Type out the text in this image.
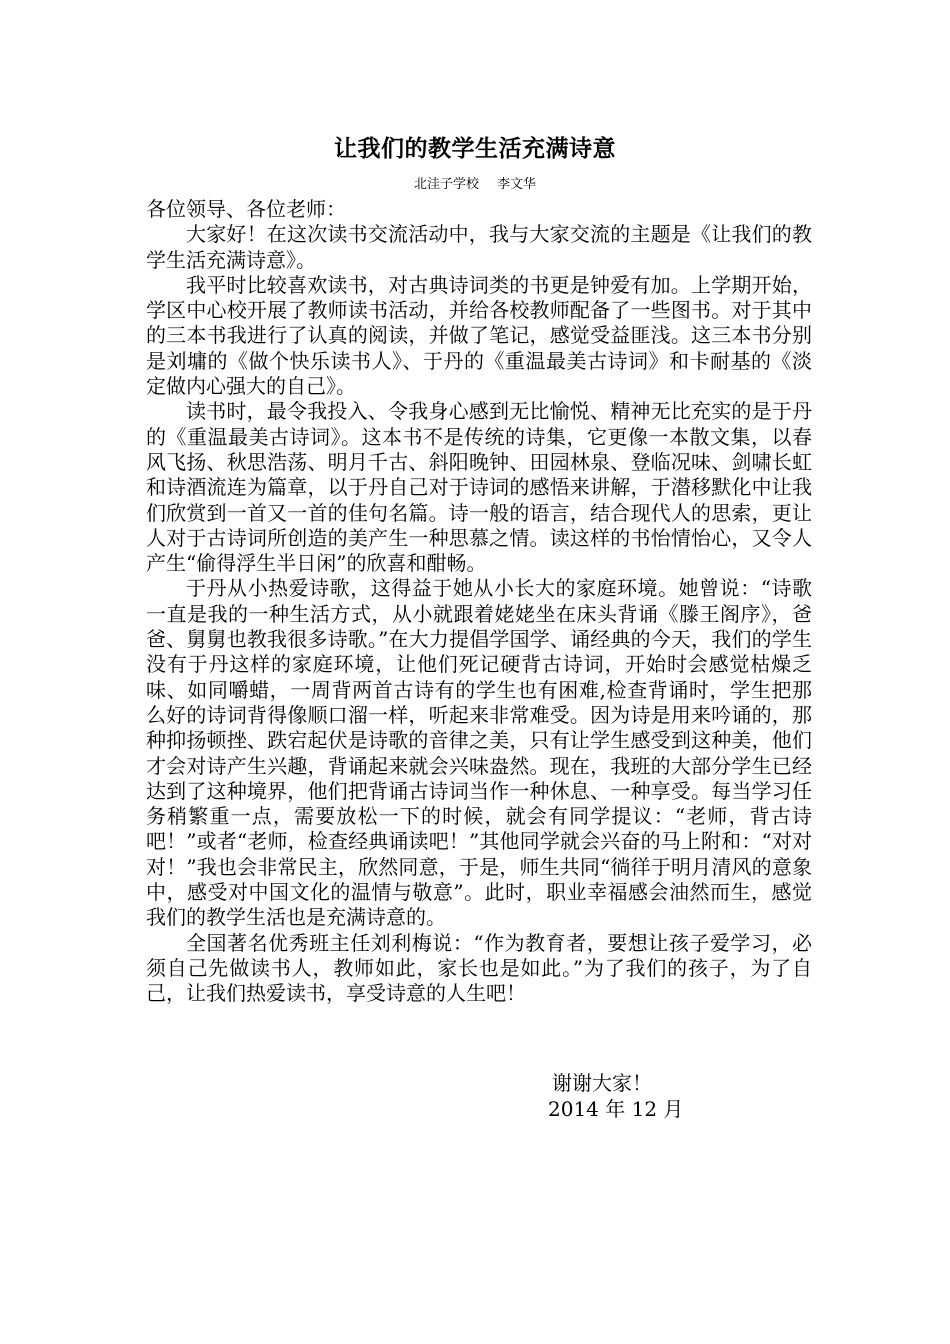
让我们的教学生活充满诗意
北洼子学校 李文华

各位领导、各位老师：

大家好！在这次读书交流活动中，我与大家交流的主题是《让我们的教学生活充满诗意》。

我平时比较喜欢读书，对古典诗词类的书更是钟爱有加。上学期开始，学区中心校开展了教师读书活动，并给各校教师配备了一些图书。对于其中的三本书我进行了认真的阅读，并做了笔记，感觉受益匪浅。这三本书分别是刘墉的《做个快乐读书人》、于丹的《重温最美古诗词》和卡耐基的《淡定做内心强大的自己》。

读书时，最令我投入、令我身心感到无比愉悦、精神无比充实的是于丹的《重温最美古诗词》。这本书不是传统的诗集，它更像一本散文集，以春风飞扬、秋思浩荡、明月千古、斜阳晚钟、田园林泉、登临况味、剑啸长虹和诗酒流连为篇章，以于丹自己对于诗词的感悟来讲解，于潜移默化中让我们欣赏到一首又一首的佳句名篇。诗一般的语言，结合现代人的思索，更让人对于古诗词所创造的美产生一种思慕之情。读这样的书怡情怡心，又令人产生“偷得浮生半日闲”的欣喜和酣畅。

于丹从小热爱诗歌，这得益于她从小长大的家庭环境。她曾说：“诗歌一直是我的一种生活方式，从小就跟着姥姥坐在床头背诵《滕王阁序》，爸爸、舅舅也教我很多诗歌。”在大力提倡学国学、诵经典的今天，我们的学生没有于丹这样的家庭环境，让他们死记硬背古诗词，开始时会感觉枯燥乏味、如同嚼蜡，一周背两首古诗有的学生也有困难,检查背诵时，学生把那么好的诗词背得像顺口溜一样，听起来非常难受。因为诗是用来吟诵的，那种抑扬顿挫、跌宕起伏是诗歌的音律之美，只有让学生感受到这种美，他们才会对诗产生兴趣，背诵起来就会兴味盎然。现在，我班的大部分学生已经达到了这种境界，他们把背诵古诗词当作一种休息、一种享受。每当学习任务稍繁重一点，需要放松一下的时候，就会有同学提议：“老师，背古诗吧！”或者“老师，检查经典诵读吧！”其他同学就会兴奋的马上附和：“对对对！”我也会非常民主，欣然同意，于是，师生共同“徜徉于明月清风的意象中，感受对中国文化的温情与敬意”。此时，职业幸福感会油然而生，感觉我们的教学生活也是充满诗意的。

全国著名优秀班主任刘利梅说：“作为教育者，要想让孩子爱学习，必须自己先做读书人，教师如此，家长也是如此。”为了我们的孩子，为了自己，让我们热爱读书，享受诗意的人生吧！

谢谢大家！
2014 年 12 月
